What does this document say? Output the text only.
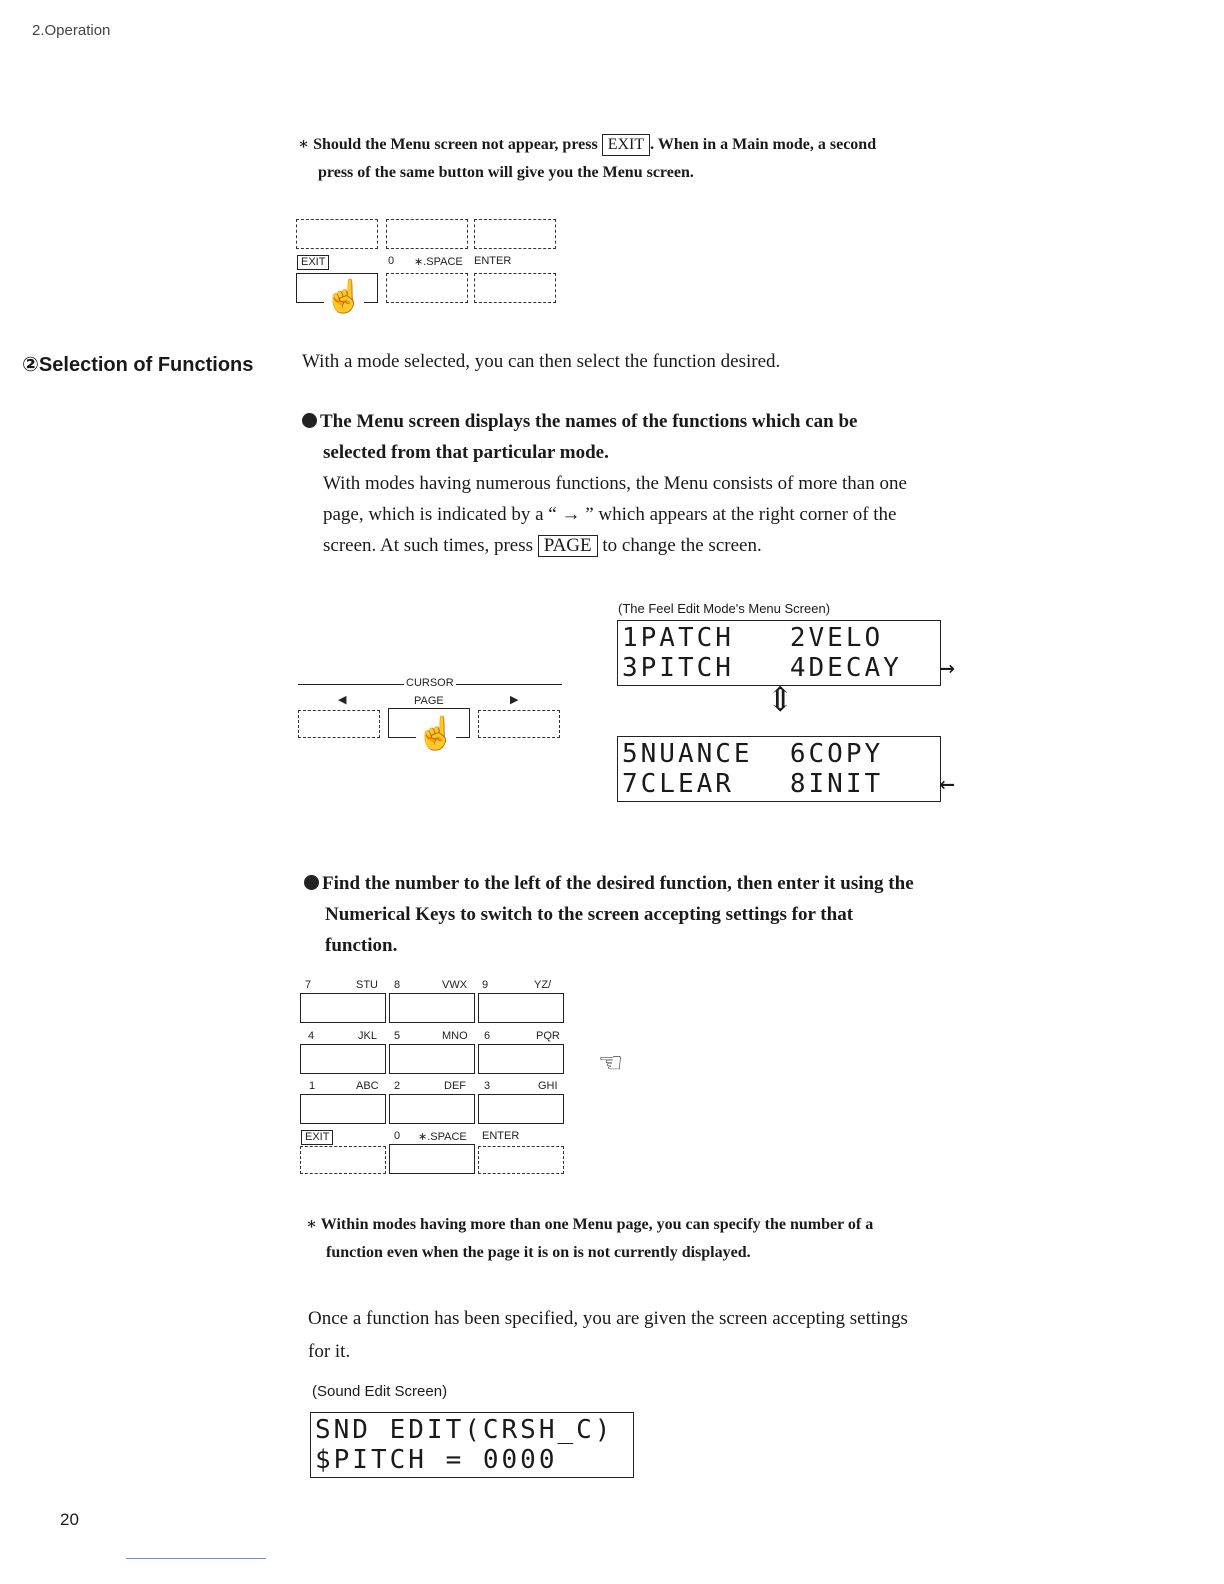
2.Operation
∗ Should the Menu screen not appear, press EXIT . When in a Main mode, a second
press of the same button will give you the Menu screen.
EXIT	0 ∗.SPACE ENTER
☝
②Selection of Functions	With a mode selected, you can then select the function desired.
The Menu screen displays the names of the functions which can be
selected from that particular mode.
With modes having numerous functions, the Menu consists of more than one
page, which is indicated by a “ → ” which appears at the right corner of the
screen. At such times, press PAGE to change the screen.
CURSOR
◀	PAGE	▶
☝
(The Feel Edit Mode's Menu Screen)
1PATCH   2VELO
3PITCH   4DECAY  →
⇕
5NUANCE  6COPY
7CLEAR   8INIT   ←
Find the number to the left of the desired function, then enter it using the
Numerical Keys to switch to the screen accepting settings for that
function.
7	STU 8	VWX 9	YZ/
4	JKL 5	MNO 6	PQR
1	ABC 2	DEF 3	GHI
EXIT	0 ∗.SPACE ENTER
☜
∗ Within modes having more than one Menu page, you can specify the number of a
function even when the page it is on is not currently displayed.
Once a function has been specified, you are given the screen accepting settings
for it.
(Sound Edit Screen)
SND EDIT(CRSH_C)
$PITCH = 0000
20
